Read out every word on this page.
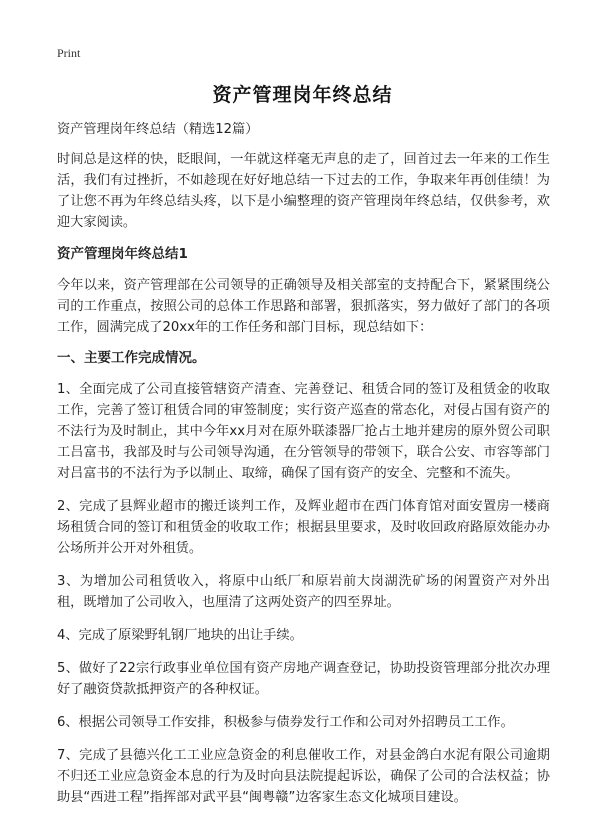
Print
资产管理岗年终总结

资产管理岗年终总结（精选12篇）

时间总是这样的快，眨眼间，一年就这样毫无声息的走了，回首过去一年来的工作生活，我们有过挫折，不如趁现在好好地总结一下过去的工作，争取来年再创佳绩！为了让您不再为年终总结头疼，以下是小编整理的资产管理岗年终总结，仅供参考，欢迎大家阅读。

资产管理岗年终总结1

今年以来，资产管理部在公司领导的正确领导及相关部室的支持配合下，紧紧围绕公司的工作重点，按照公司的总体工作思路和部署，狠抓落实，努力做好了部门的各项工作，圆满完成了20xx年的工作任务和部门目标，现总结如下：

一、主要工作完成情况。

1、全面完成了公司直接管辖资产清查、完善登记、租赁合同的签订及租赁金的收取工作，完善了签订租赁合同的审签制度；实行资产巡查的常态化，对侵占国有资产的不法行为及时制止，其中今年xx月对在原外联漆器厂抢占土地并建房的原外贸公司职工吕富书，我部及时与公司领导沟通，在分管领导的带领下，联合公安、市容等部门对吕富书的不法行为予以制止、取缔，确保了国有资产的安全、完整和不流失。

2、完成了县辉业超市的搬迁谈判工作，及辉业超市在西门体育馆对面安置房一楼商场租赁合同的签订和租赁金的收取工作；根据县里要求，及时收回政府路原效能办办公场所并公开对外租赁。

3、为增加公司租赁收入，将原中山纸厂和原岩前大岗湖洗矿场的闲置资产对外出租，既增加了公司收入，也厘清了这两处资产的四至界址。

4、完成了原梁野轧钢厂地块的出让手续。

5、做好了22宗行政事业单位国有资产房地产调查登记，协助投资管理部分批次办理好了融资贷款抵押资产的各种权证。

6、根据公司领导工作安排，积极参与债券发行工作和公司对外招聘员工工作。

7、完成了县德兴化工工业应急资金的利息催收工作，对县金鸽白水泥有限公司逾期不归还工业应急资金本息的行为及时向县法院提起诉讼，确保了公司的合法权益；协助县“西进工程”指挥部对武平县“闽粤赣”边客家生态文化城项目建设。
